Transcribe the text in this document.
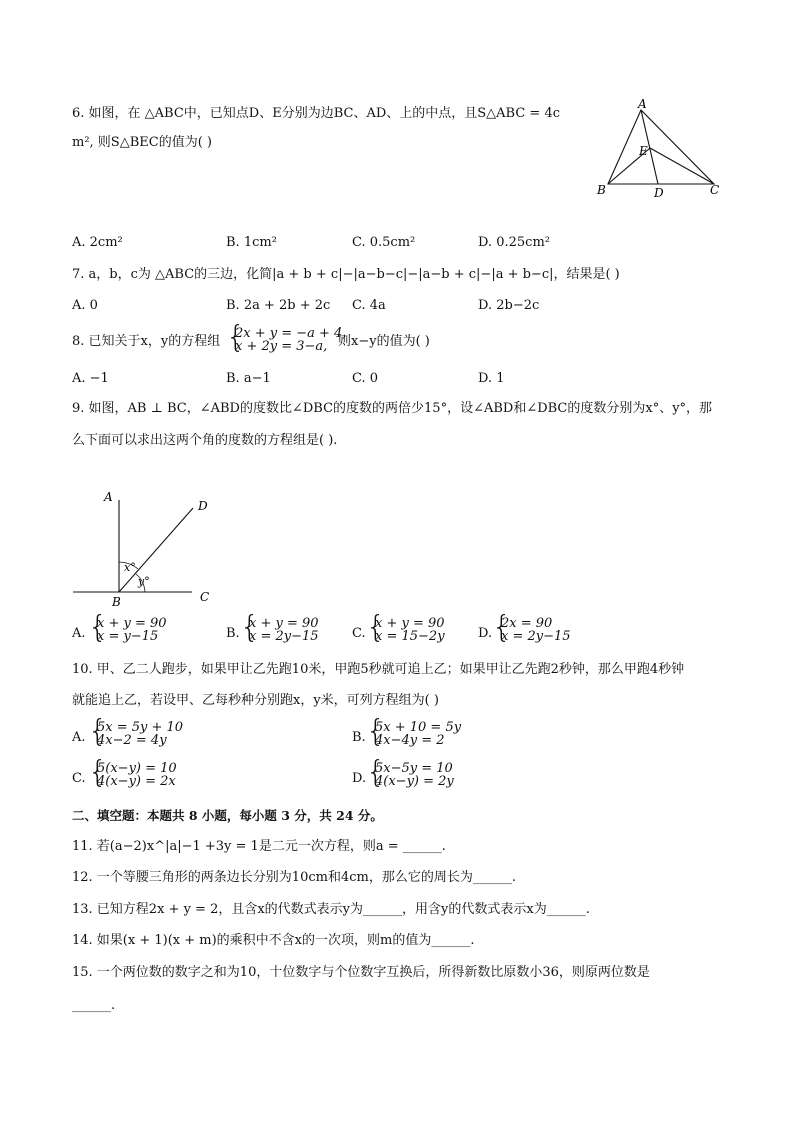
6. 如图，在 △ABC中，已知点D、E分别为边BC、AD、上的中点，且S△ABC = 4c
m², 则S△BEC的值为( )
A
B	C
D
E
A. 2cm²	B. 1cm²	C. 0.5cm²	D. 0.25cm²
7. a，b，c为 △ABC的三边，化简|a + b + c|−|a−b−c|−|a−b + c|−|a + b−c|，结果是( )
A. 0	B. 2a + 2b + 2c C. 4a	D. 2b−2c
8. 已知关于x，y的方程组 {
2x + y = −a + 4,
x + 2y = 3−a, 则x−y的值为( )
A. −1	B. a−1	C. 0	D. 1
9. 如图，AB ⊥ BC，∠ABD的度数比∠DBC的度数的两倍少15°，设∠ABD和∠DBC的度数分别为x°、y°，那
么下面可以求出这两个角的度数的方程组是( ).
A
B	C
D
x°
y°
A. {
x + y = 90
x = y−15	B. {
x + y = 90
x = 2y−15	C. {
x + y = 90
x = 15−2y	D. {
2x = 90
x = 2y−15
10. 甲、乙二人跑步，如果甲让乙先跑10米，甲跑5秒就可追上乙；如果甲让乙先跑2秒钟，那么甲跑4秒钟
就能追上乙，若设甲、乙每秒种分别跑x，y米，可列方程组为( )
A. {
5x = 5y + 10
4x−2 = 4y	B. {
5x + 10 = 5y
4x−4y = 2
C. {
5(x−y) = 10
4(x−y) = 2x	D. {
5x−5y = 10
4(x−y) = 2y
二、填空题：本题共 8 小题，每小题 3 分，共 24 分。
11. 若(a−2)x^|a|−1 +3y = 1是二元一次方程，则a = ______.
12. 一个等腰三角形的两条边长分别为10cm和4cm，那么它的周长为______.
13. 已知方程2x + y = 2，且含x的代数式表示y为______，用含y的代数式表示x为______.
14. 如果(x + 1)(x + m)的乘积中不含x的一次项，则m的值为______.
15. 一个两位数的数字之和为10，十位数字与个位数字互换后，所得新数比原数小36，则原两位数是
______.
